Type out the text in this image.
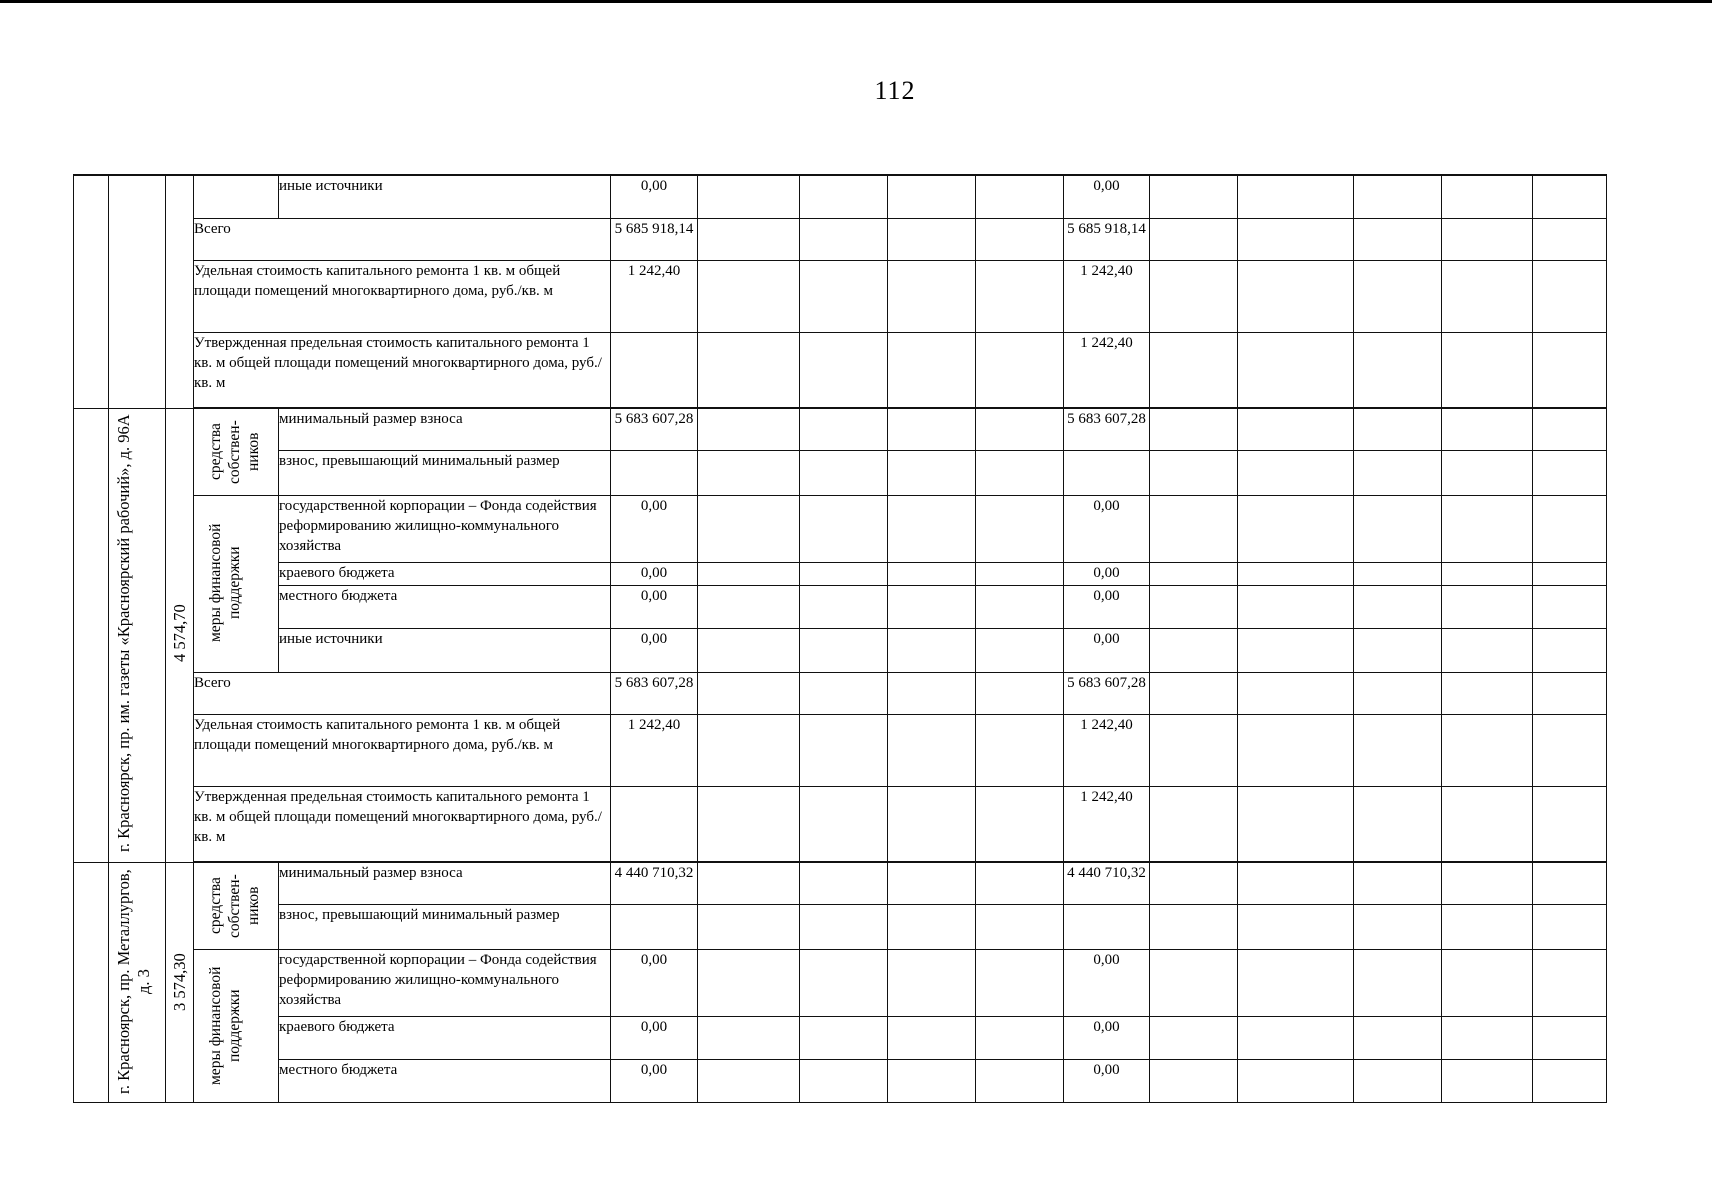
112
				иные источники	0,00					0,00					
			Всего		5 685 918,14					5 685 918,14					
			Удельная стоимость капитального ремонта 1 кв. м общей площади помещений многоквартирного дома, руб./кв. м		1 242,40					1 242,40					
			Утвержденная предельная стоимость капитального ремонта 1 кв. м общей площади помещений многоквартирного дома, руб./кв. м							1 242,40					

	г. Красноярск, пр. им. газеты «Красноярский рабочий», д. 96А	4 574,70	средства собствен-ников	минимальный размер взноса	5 683 607,28					5 683 607,28					
				взнос, превышающий минимальный размер											

			меры финансовой поддержки	государственной корпорации – Фонда содействия реформированию жилищно-коммунального хозяйства	0,00					0,00					
				краевого бюджета	0,00					0,00					
				местного бюджета	0,00					0,00					
				иные источники	0,00					0,00					
			Всего		5 683 607,28					5 683 607,28					
			Удельная стоимость капитального ремонта 1 кв. м общей площади помещений многоквартирного дома, руб./кв. м		1 242,40					1 242,40					
			Утвержденная предельная стоимость капитального ремонта 1 кв. м общей площади помещений многоквартирного дома, руб./кв. м							1 242,40					

	г. Красноярск, пр. Металлургов, д. 3	3 574,30	средства собствен-ников	минимальный размер взноса	4 440 710,32					4 440 710,32					
				взнос, превышающий минимальный размер											

			меры финансовой поддержки	государственной корпорации – Фонда содействия реформированию жилищно-коммунального хозяйства	0,00					0,00					
				краевого бюджета	0,00					0,00					
				местного бюджета	0,00					0,00					
